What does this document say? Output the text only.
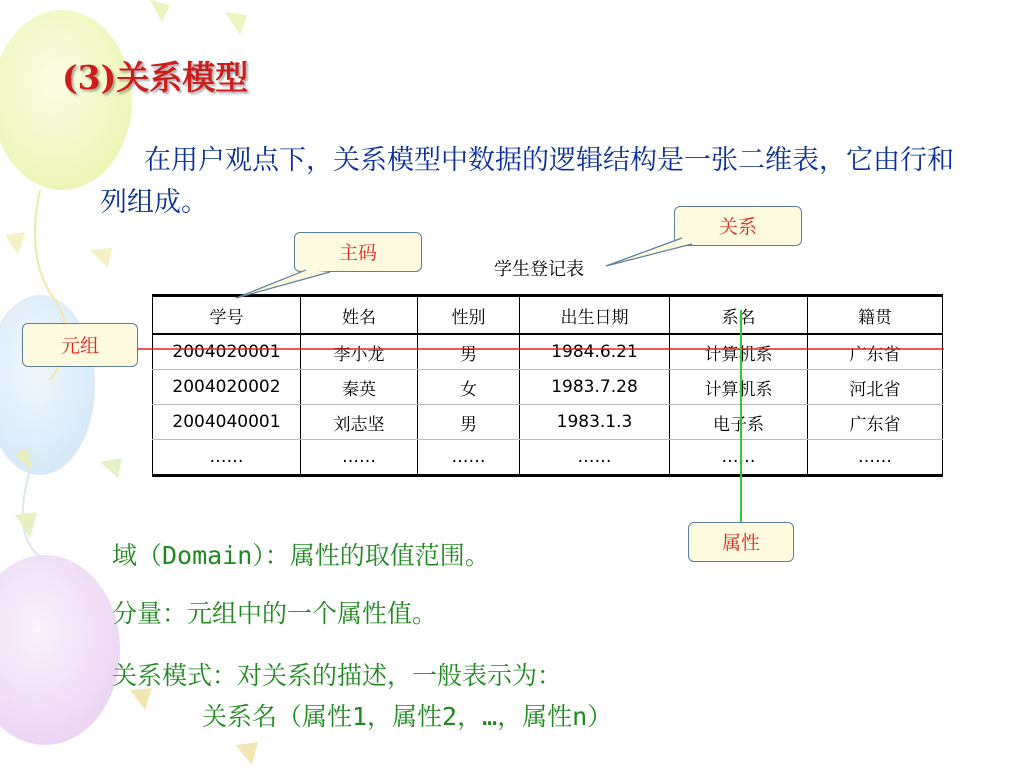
(3)关系模型
在用户观点下，关系模型中数据的逻辑结构是一张二维表，它由行和列组成。
关系
主码
元组
属性
学生登记表
学号	姓名	性别	出生日期	系名	籍贯
2004020001	李小龙	男	1984.6.21	计算机系	广东省
2004020002	秦英	女	1983.7.28	计算机系	河北省
2004040001	刘志坚	男	1983.1.3	电子系	广东省
……	……	……	……	……	……
域（Domain）：属性的取值范围。
分量：元组中的一个属性值。
关系模式：对关系的描述，一般表示为：
关系名（属性1，属性2，…，属性n）
